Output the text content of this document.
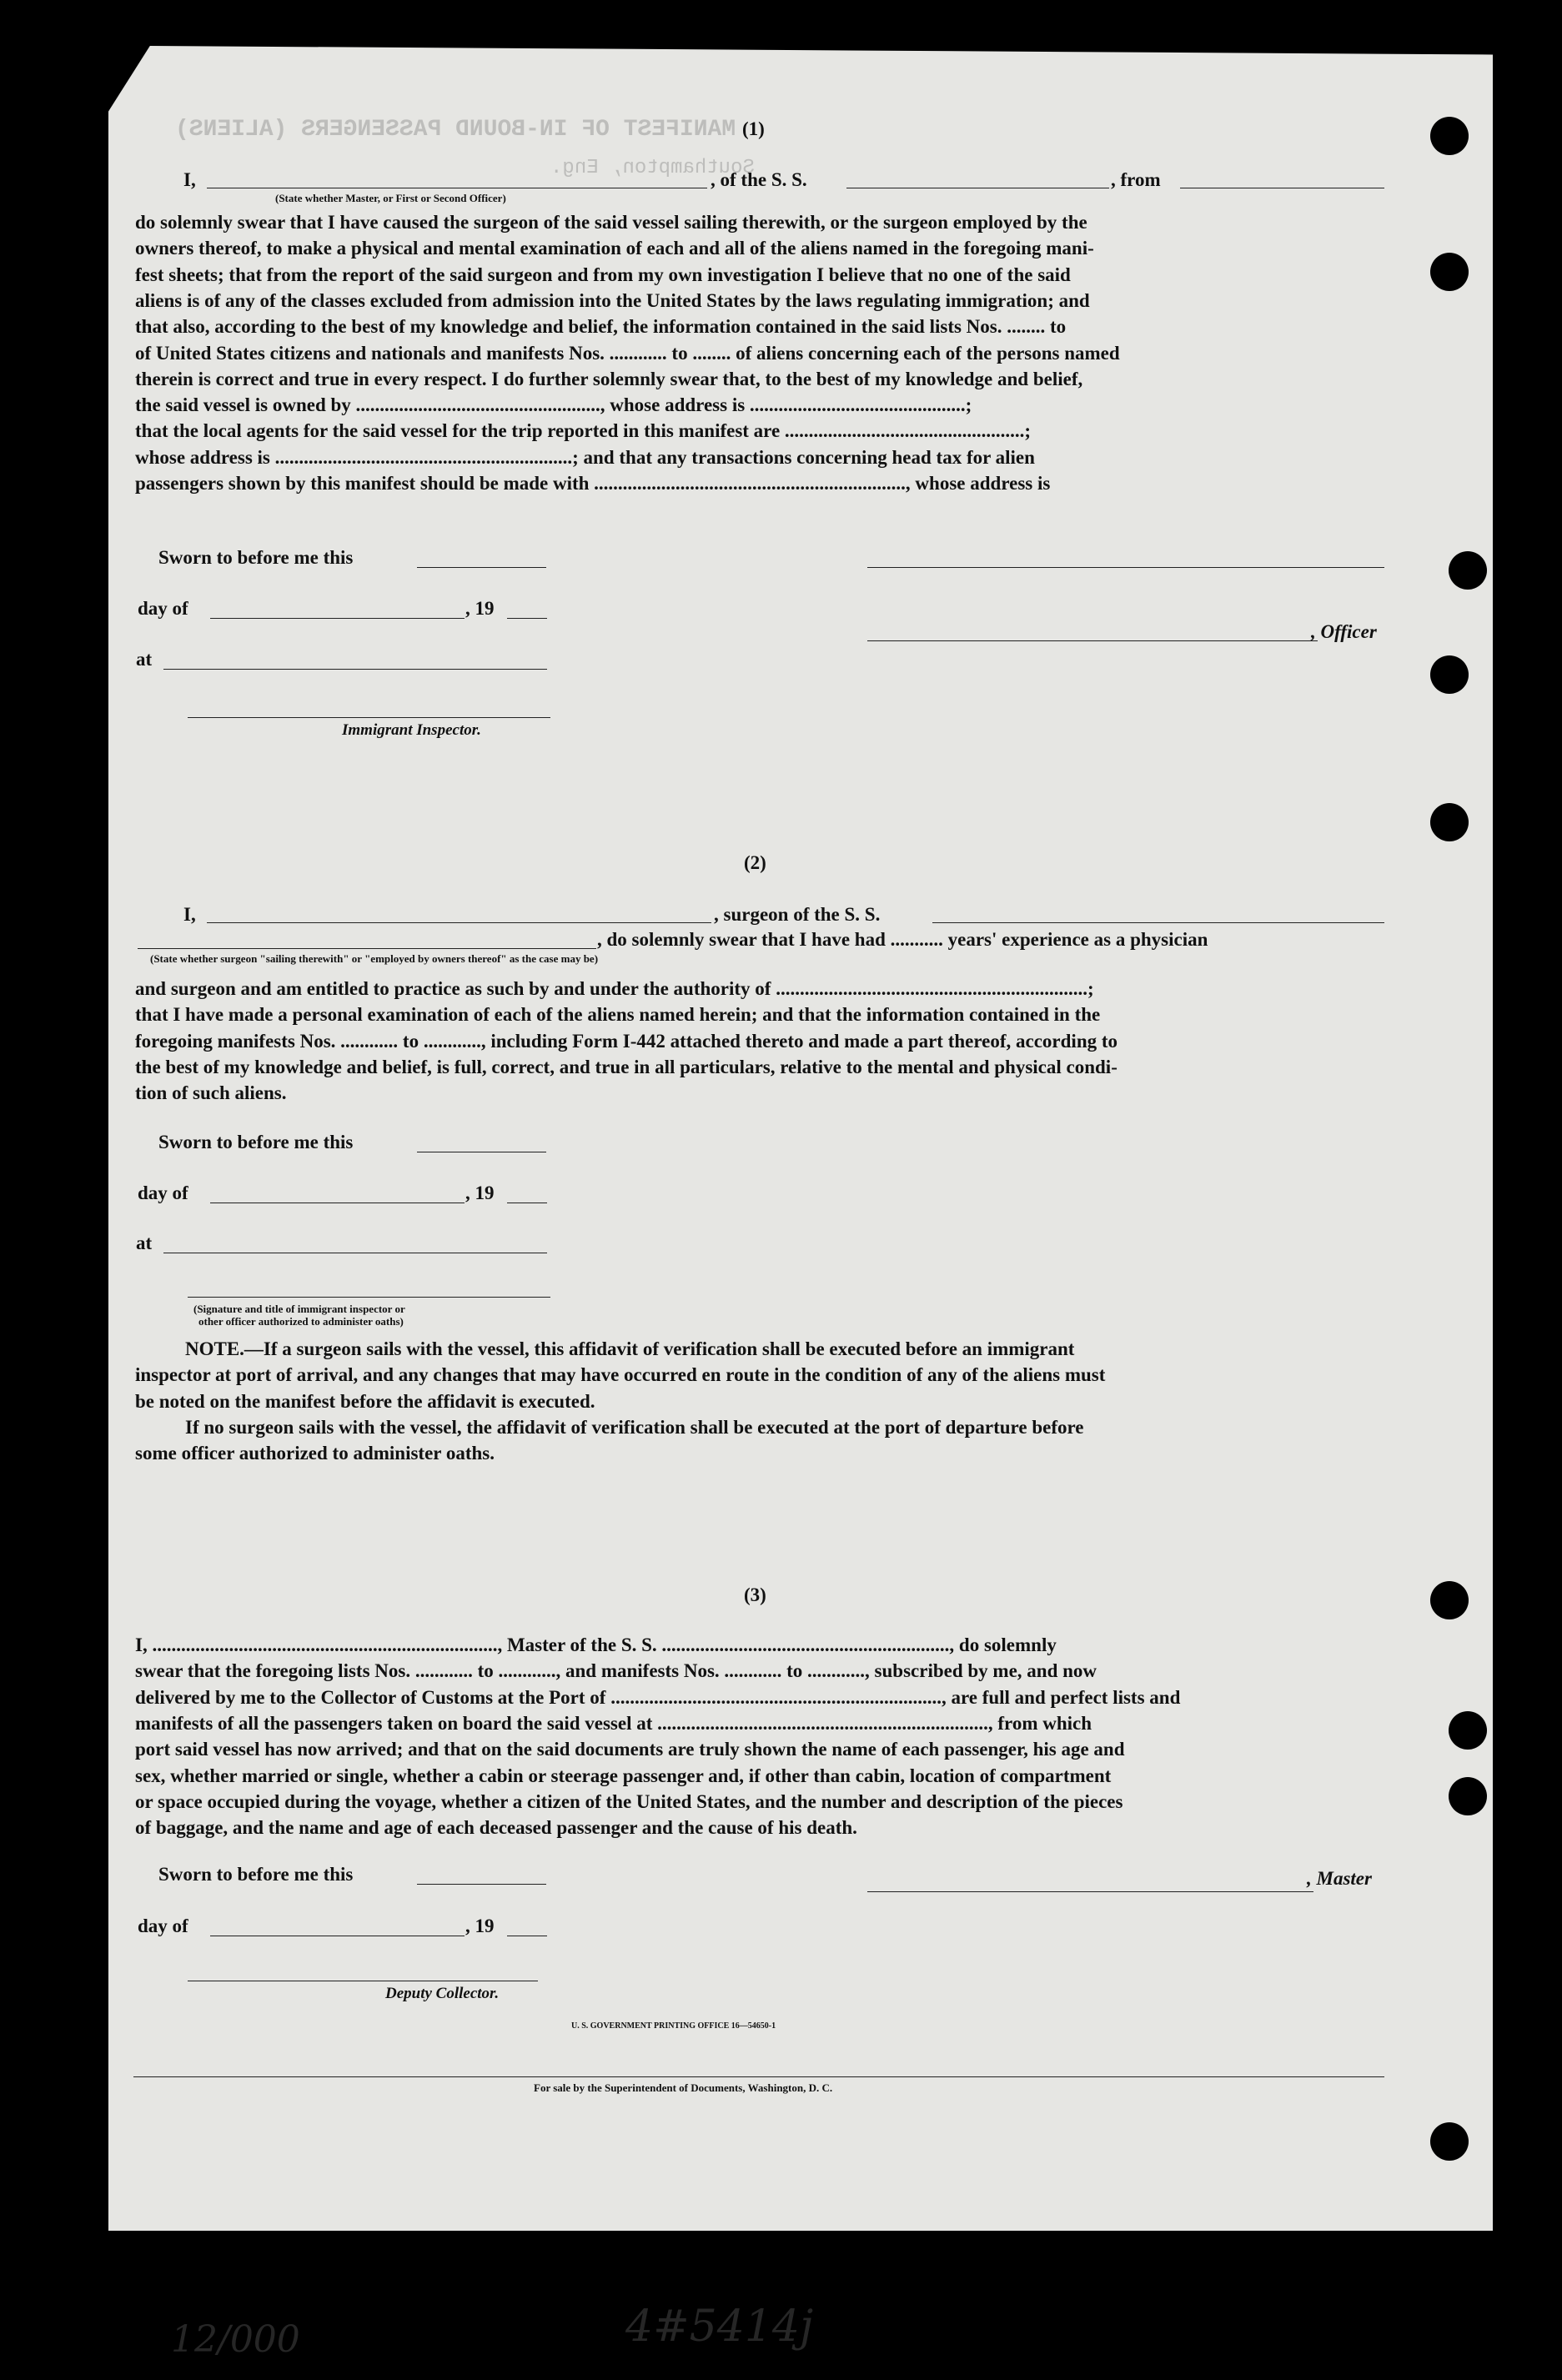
MANIFEST OF IN-BOUND PASSENGERS (ALIENS)
Southampton, Eng.
(1)
I,	, of the S. S.	, from
(State whether Master, or First or Second Officer)
do solemnly swear that I have caused the surgeon of the said vessel sailing therewith, or the surgeon employed by the
owners thereof, to make a physical and mental examination of each and all of the aliens named in the foregoing mani-
fest sheets; that from the report of the said surgeon and from my own investigation I believe that no one of the said
aliens is of any of the classes excluded from admission into the United States by the laws regulating immigration; and
that also, according to the best of my knowledge and belief, the information contained in the said lists Nos. ........ to
of United States citizens and nationals and manifests Nos. ............ to ........ of aliens concerning each of the persons named
therein is correct and true in every respect. I do further solemnly swear that, to the best of my knowledge and belief,
the said vessel is owned by ..................................................., whose address is .............................................;
that the local agents for the said vessel for the trip reported in this manifest are ..................................................;
whose address is ..............................................................; and that any transactions concerning head tax for alien
passengers shown by this manifest should be made with ................................................................., whose address is
Sworn to before me this
day of	, 19
, Officer
at
Immigrant Inspector.
(2)
I,	, surgeon of the S. S.
, do solemnly swear that I have had ........... years' experience as a physician
(State whether surgeon "sailing therewith" or "employed by owners thereof" as the case may be)
and surgeon and am entitled to practice as such by and under the authority of .................................................................;
that I have made a personal examination of each of the aliens named herein; and that the information contained in the
foregoing manifests Nos. ............ to ............, including Form I-442 attached thereto and made a part thereof, according to
the best of my knowledge and belief, is full, correct, and true in all particulars, relative to the mental and physical condi-
tion of such aliens.
Sworn to before me this
day of	, 19
at
(Signature and title of immigrant inspector or
other officer authorized to administer oaths)
NOTE.—If a surgeon sails with the vessel, this affidavit of verification shall be executed before an immigrant
inspector at port of arrival, and any changes that may have occurred en route in the condition of any of the aliens must
be noted on the manifest before the affidavit is executed.
If no surgeon sails with the vessel, the affidavit of verification shall be executed at the port of departure before
some officer authorized to administer oaths.
(3)
I, ........................................................................, Master of the S. S. ............................................................, do solemnly
swear that the foregoing lists Nos. ............ to ............, and manifests Nos. ............ to ............, subscribed by me, and now
delivered by me to the Collector of Customs at the Port of ....................................................................., are full and perfect lists and
manifests of all the passengers taken on board the said vessel at ....................................................................., from which
port said vessel has now arrived; and that on the said documents are truly shown the name of each passenger, his age and
sex, whether married or single, whether a cabin or steerage passenger and, if other than cabin, location of compartment
or space occupied during the voyage, whether a citizen of the United States, and the number and description of the pieces
of baggage, and the name and age of each deceased passenger and the cause of his death.
Sworn to before me this	, Master
day of	, 19
Deputy Collector.
U. S. GOVERNMENT PRINTING OFFICE 16—54650-1
For sale by the Superintendent of Documents, Washington, D. C.
12/000	4#5414j
